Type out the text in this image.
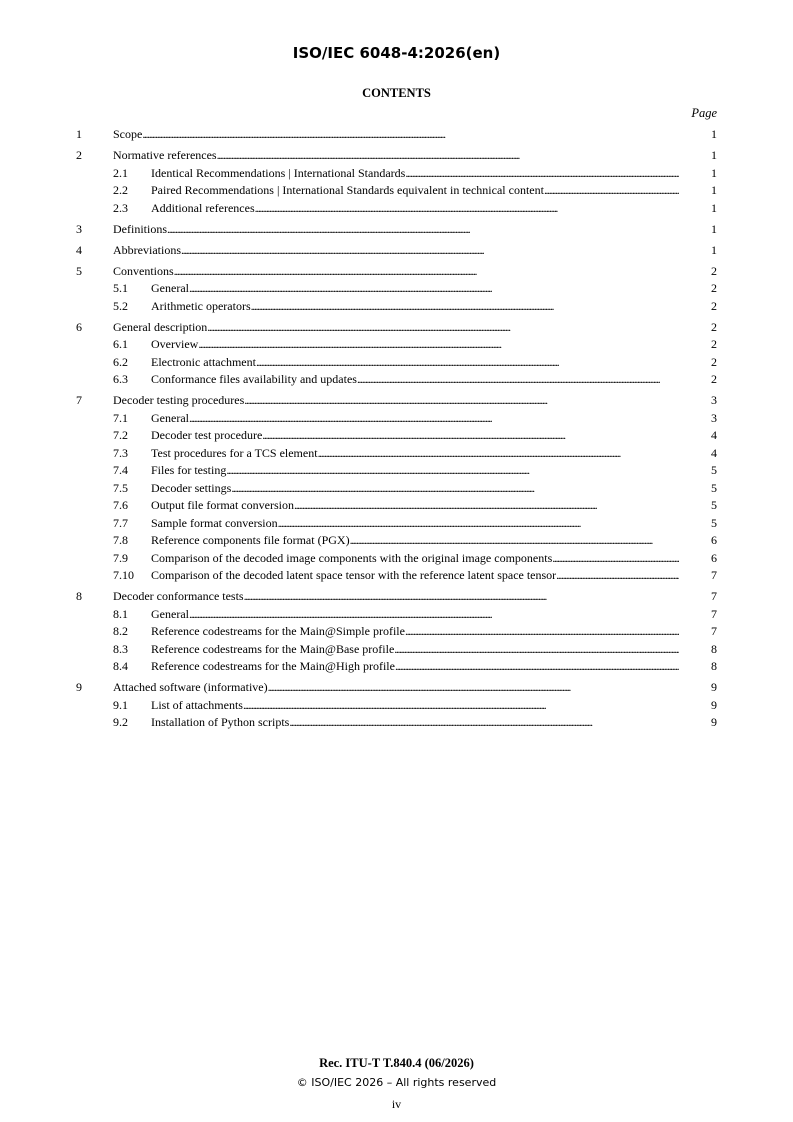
ISO/IEC 6048-4:2026(en)
CONTENTS
Page
1	Scope . . .	1
2	Normative references . . .	1
2.1 Identical Recommendations | International Standards . . .	1
2.2 Paired Recommendations | International Standards equivalent in technical content . . .	1
2.3 Additional references . . .	1
3	Definitions . . .	1
4	Abbreviations . . .	1
5	Conventions . . .	2
5.1 General . . .	2
5.2 Arithmetic operators . . .	2
6	General description . . .	2
6.1 Overview . . .	2
6.2 Electronic attachment . . .	2
6.3 Conformance files availability and updates . . .	2
7	Decoder testing procedures . . .	3
7.1 General . . .	3
7.2 Decoder test procedure . . .	4
7.3 Test procedures for a TCS element . . .	4
7.4 Files for testing . . .	5
7.5 Decoder settings . . .	5
7.6 Output file format conversion . . .	5
7.7 Sample format conversion . . .	5
7.8 Reference components file format (PGX) . . .	6
7.9 Comparison of the decoded image components with the original image components . . .	6
7.10 Comparison of the decoded latent space tensor with the reference latent space tensor . . .	7
8	Decoder conformance tests . . .	7
8.1 General . . .	7
8.2 Reference codestreams for the Main@Simple profile . . .	7
8.3 Reference codestreams for the Main@Base profile . . .	8
8.4 Reference codestreams for the Main@High profile . . .	8
9	Attached software (informative) . . .	9
9.1 List of attachments . . .	9
9.2 Installation of Python scripts . . .	9
Rec. ITU-T T.840.4 (06/2026)
© ISO/IEC 2026 – All rights reserved
iv
